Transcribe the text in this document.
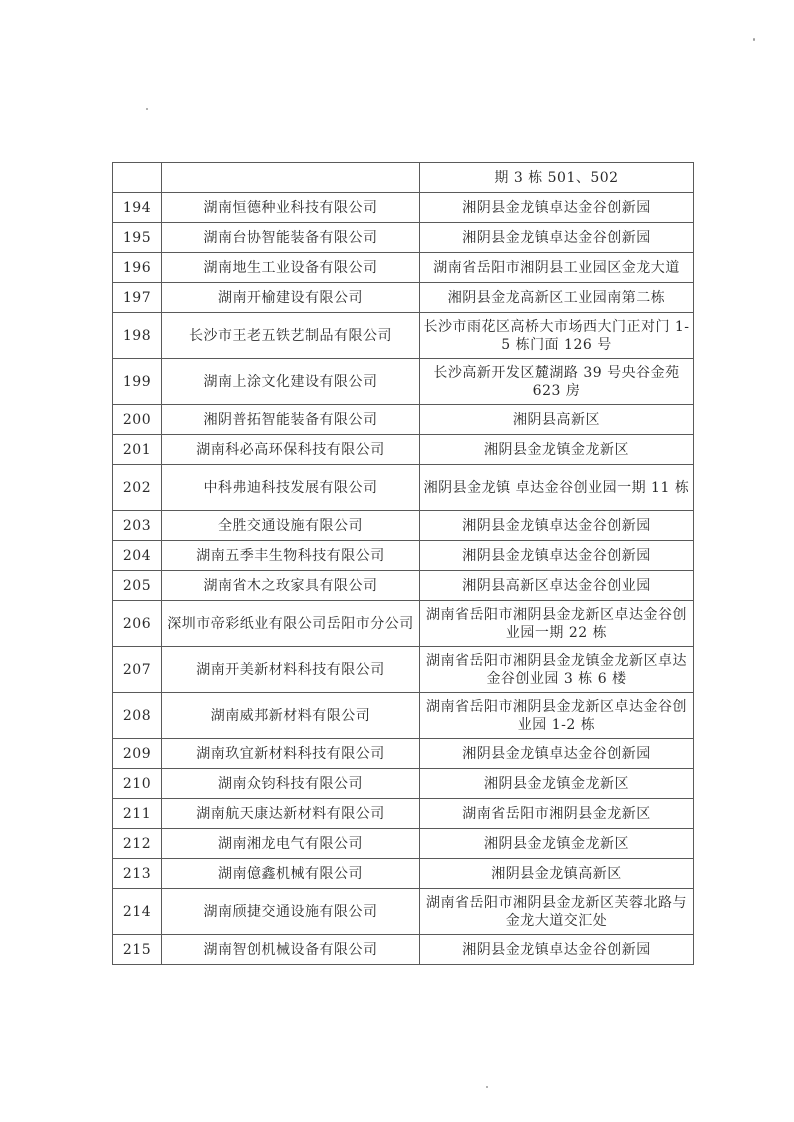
		期 3 栋 501、502
194	湖南恒德种业科技有限公司	湘阴县金龙镇卓达金谷创新园
195	湖南台协智能装备有限公司	湘阴县金龙镇卓达金谷创新园
196	湖南地生工业设备有限公司	湖南省岳阳市湘阴县工业园区金龙大道
197	湖南开榆建设有限公司	湘阴县金龙高新区工业园南第二栋
198	长沙市王老五铁艺制品有限公司	长沙市雨花区高桥大市场西大门正对门 1-5 栋门面 126 号
199	湖南上涂文化建设有限公司	长沙高新开发区麓湖路 39 号央谷金苑 623 房
200	湘阴普拓智能装备有限公司	湘阴县高新区
201	湖南科必高环保科技有限公司	湘阴县金龙镇金龙新区
202	中科弗迪科技发展有限公司	湘阴县金龙镇 卓达金谷创业园一期 11 栋
203	全胜交通设施有限公司	湘阴县金龙镇卓达金谷创新园
204	湖南五季丰生物科技有限公司	湘阴县金龙镇卓达金谷创新园
205	湖南省木之玫家具有限公司	湘阴县高新区卓达金谷创业园
206	深圳市帝彩纸业有限公司岳阳市分公司	湖南省岳阳市湘阴县金龙新区卓达金谷创业园一期 22 栋
207	湖南开美新材料科技有限公司	湖南省岳阳市湘阴县金龙镇金龙新区卓达金谷创业园 3 栋 6 楼
208	湖南威邦新材料有限公司	湖南省岳阳市湘阴县金龙新区卓达金谷创业园 1-2 栋
209	湖南玖宜新材料科技有限公司	湘阴县金龙镇卓达金谷创新园
210	湖南众钧科技有限公司	湘阴县金龙镇金龙新区
211	湖南航天康达新材料有限公司	湖南省岳阳市湘阴县金龙新区
212	湖南湘龙电气有限公司	湘阴县金龙镇金龙新区
213	湖南億鑫机械有限公司	湘阴县金龙镇高新区
214	湖南颀捷交通设施有限公司	湖南省岳阳市湘阴县金龙新区芙蓉北路与金龙大道交汇处
215	湖南智创机械设备有限公司	湘阴县金龙镇卓达金谷创新园
